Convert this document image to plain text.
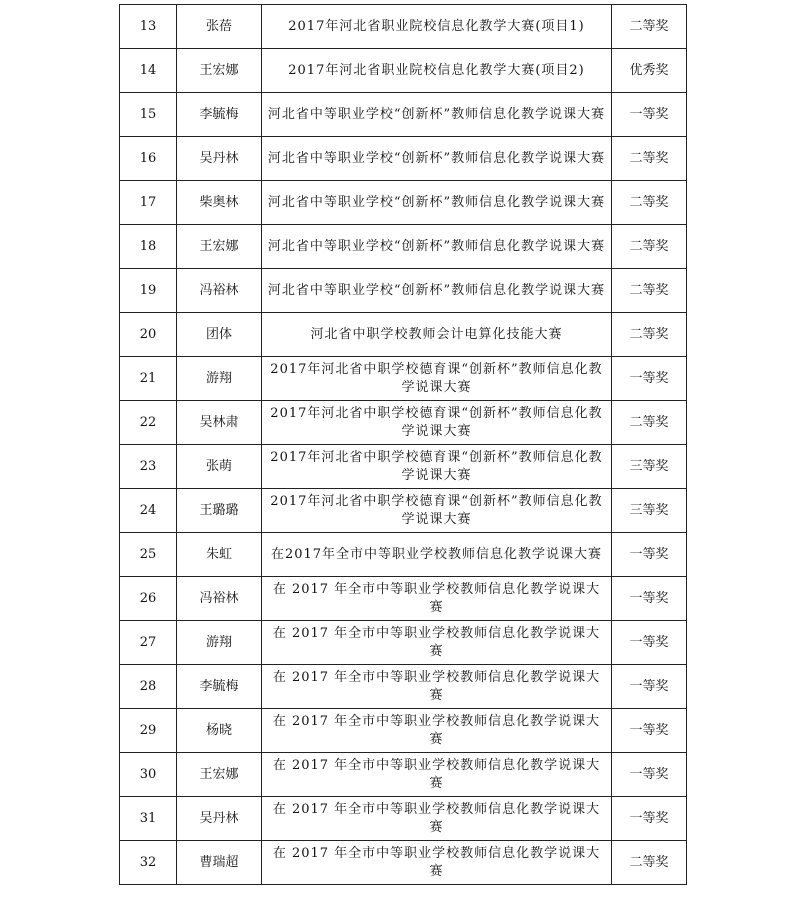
13	张蓓	2017年河北省职业院校信息化教学大赛(项目1)	二等奖
14	王宏娜	2017年河北省职业院校信息化教学大赛(项目2)	优秀奖
15	李毓梅	河北省中等职业学校“创新杯”教师信息化教学说课大赛	一等奖
16	吴丹林	河北省中等职业学校“创新杯”教师信息化教学说课大赛	二等奖
17	柴奥林	河北省中等职业学校“创新杯”教师信息化教学说课大赛	二等奖
18	王宏娜	河北省中等职业学校“创新杯”教师信息化教学说课大赛	二等奖
19	冯裕林	河北省中等职业学校“创新杯”教师信息化教学说课大赛	二等奖
20	团体	河北省中职学校教师会计电算化技能大赛	二等奖
21	游翔	2017年河北省中职学校德育课“创新杯”教师信息化教学说课大赛	一等奖
22	吴林肃	2017年河北省中职学校德育课“创新杯”教师信息化教学说课大赛	二等奖
23	张萌	2017年河北省中职学校德育课“创新杯”教师信息化教学说课大赛	三等奖
24	王璐璐	2017年河北省中职学校德育课“创新杯”教师信息化教学说课大赛	三等奖
25	朱虹	在2017年全市中等职业学校教师信息化教学说课大赛	一等奖
26	冯裕林	在 2017 年全市中等职业学校教师信息化教学说课大赛	一等奖
27	游翔	在 2017 年全市中等职业学校教师信息化教学说课大赛	一等奖
28	李毓梅	在 2017 年全市中等职业学校教师信息化教学说课大赛	一等奖
29	杨晓	在 2017 年全市中等职业学校教师信息化教学说课大赛	一等奖
30	王宏娜	在 2017 年全市中等职业学校教师信息化教学说课大赛	一等奖
31	吴丹林	在 2017 年全市中等职业学校教师信息化教学说课大赛	一等奖
32	曹瑞超	在 2017 年全市中等职业学校教师信息化教学说课大赛	二等奖
